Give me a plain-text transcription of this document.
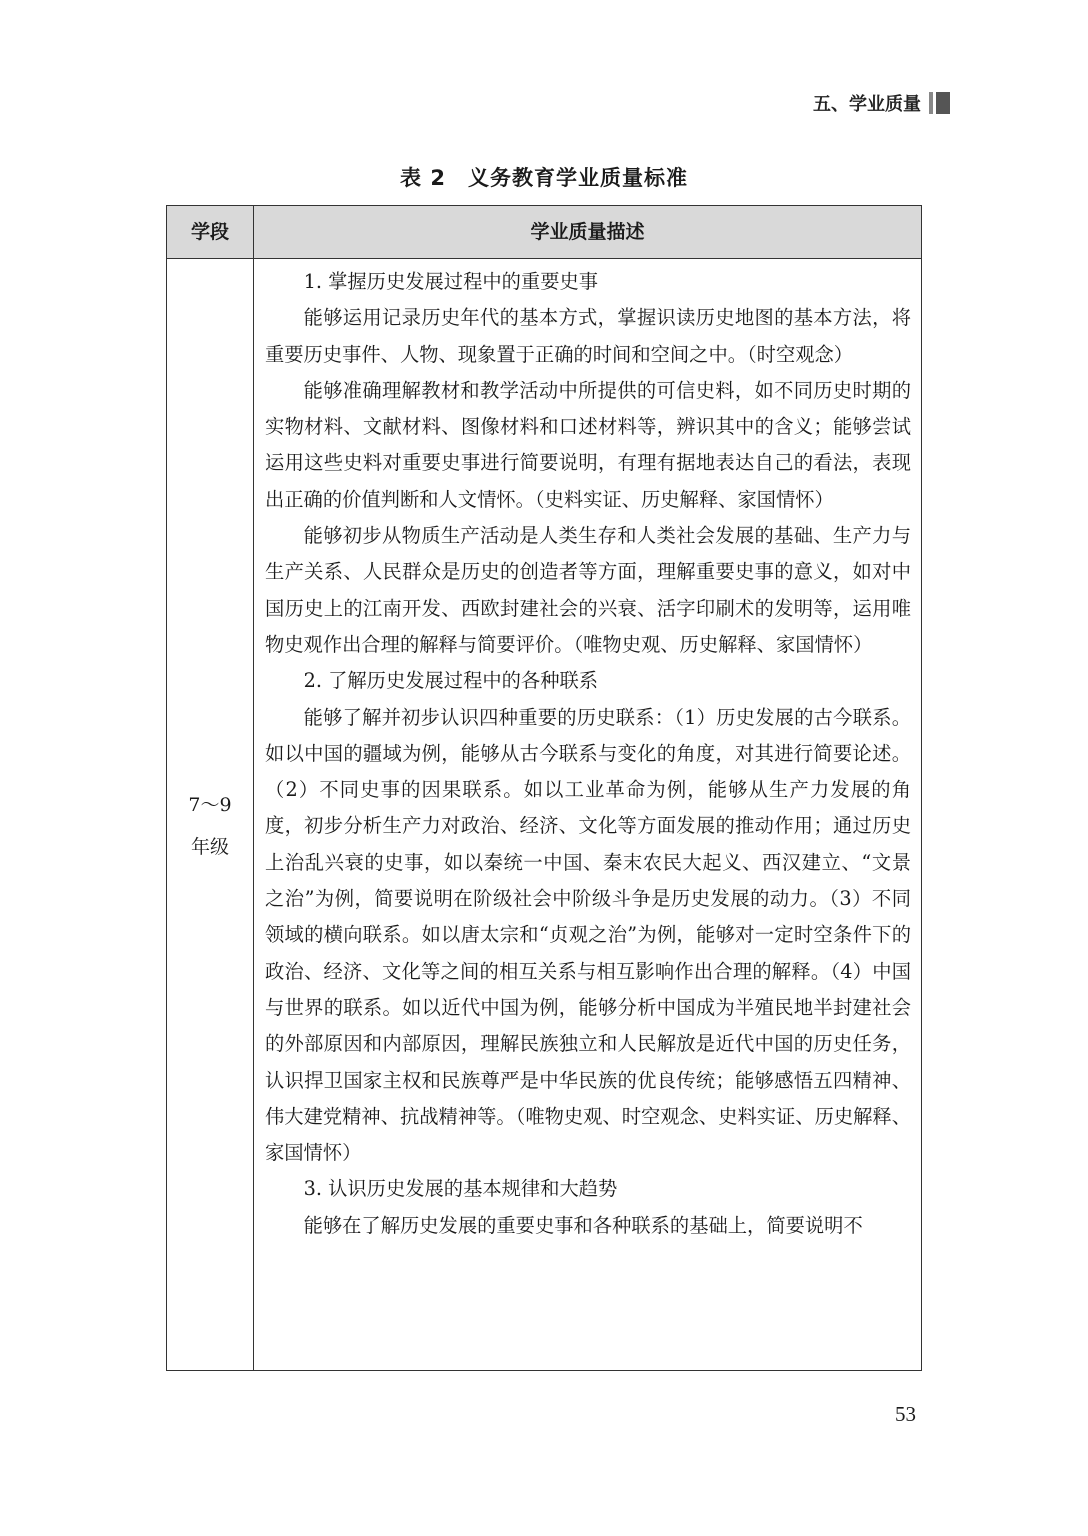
五、学业质量
表 2 义务教育学业质量标准
学段	学业质量描述
7～9
年级

1. 掌握历史发展过程中的重要史事

能够运用记录历史年代的基本方式，掌握识读历史地图的基本方法，将重要历史事件、人物、现象置于正确的时间和空间之中。（时空观念）

能够准确理解教材和教学活动中所提供的可信史料，如不同历史时期的实物材料、文献材料、图像材料和口述材料等，辨识其中的含义；能够尝试运用这些史料对重要史事进行简要说明，有理有据地表达自己的看法，表现出正确的价值判断和人文情怀。（史料实证、历史解释、家国情怀）

能够初步从物质生产活动是人类生存和人类社会发展的基础、生产力与生产关系、人民群众是历史的创造者等方面，理解重要史事的意义，如对中国历史上的江南开发、西欧封建社会的兴衰、活字印刷术的发明等，运用唯物史观作出合理的解释与简要评价。（唯物史观、历史解释、家国情怀）

2. 了解历史发展过程中的各种联系

能够了解并初步认识四种重要的历史联系：（1）历史发展的古今联系。如以中国的疆域为例，能够从古今联系与变化的角度，对其进行简要论述。（2）不同史事的因果联系。如以工业革命为例，能够从生产力发展的角度，初步分析生产力对政治、经济、文化等方面发展的推动作用；通过历史上治乱兴衰的史事，如以秦统一中国、秦末农民大起义、西汉建立、“文景之治”为例，简要说明在阶级社会中阶级斗争是历史发展的动力。（3）不同领域的横向联系。如以唐太宗和“贞观之治”为例，能够对一定时空条件下的政治、经济、文化等之间的相互关系与相互影响作出合理的解释。（4）中国与世界的联系。如以近代中国为例，能够分析中国成为半殖民地半封建社会的外部原因和内部原因，理解民族独立和人民解放是近代中国的历史任务，认识捍卫国家主权和民族尊严是中华民族的优良传统；能够感悟五四精神、伟大建党精神、抗战精神等。（唯物史观、时空观念、史料实证、历史解释、家国情怀）

3. 认识历史发展的基本规律和大趋势

能够在了解历史发展的重要史事和各种联系的基础上，简要说明不

53
